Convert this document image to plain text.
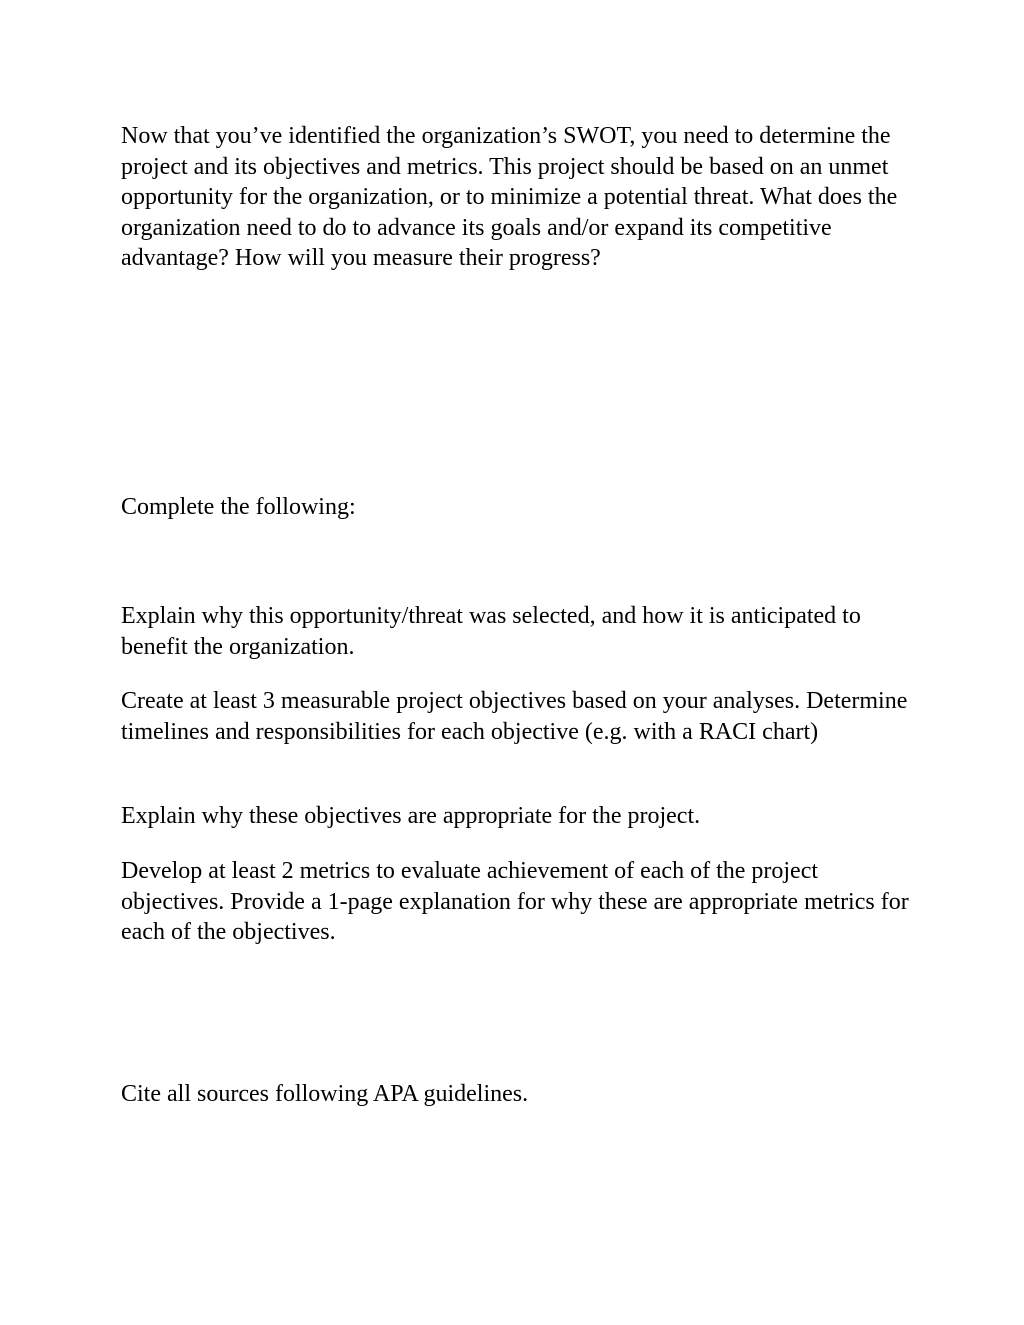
Now that you’ve identified the organization’s SWOT, you need to determine the project and its objectives and metrics. This project should be based on an unmet opportunity for the organization, or to minimize a potential threat. What does the organization need to do to advance its goals and/or expand its competitive advantage? How will you measure their progress?

Complete the following:

Explain why this opportunity/threat was selected, and how it is anticipated to benefit the organization.

Create at least 3 measurable project objectives based on your analyses. Determine timelines and responsibilities for each objective (e.g. with a RACI chart)

Explain why these objectives are appropriate for the project.

Develop at least 2 metrics to evaluate achievement of each of the project objectives. Provide a 1-page explanation for why these are appropriate metrics for each of the objectives.

Cite all sources following APA guidelines.
